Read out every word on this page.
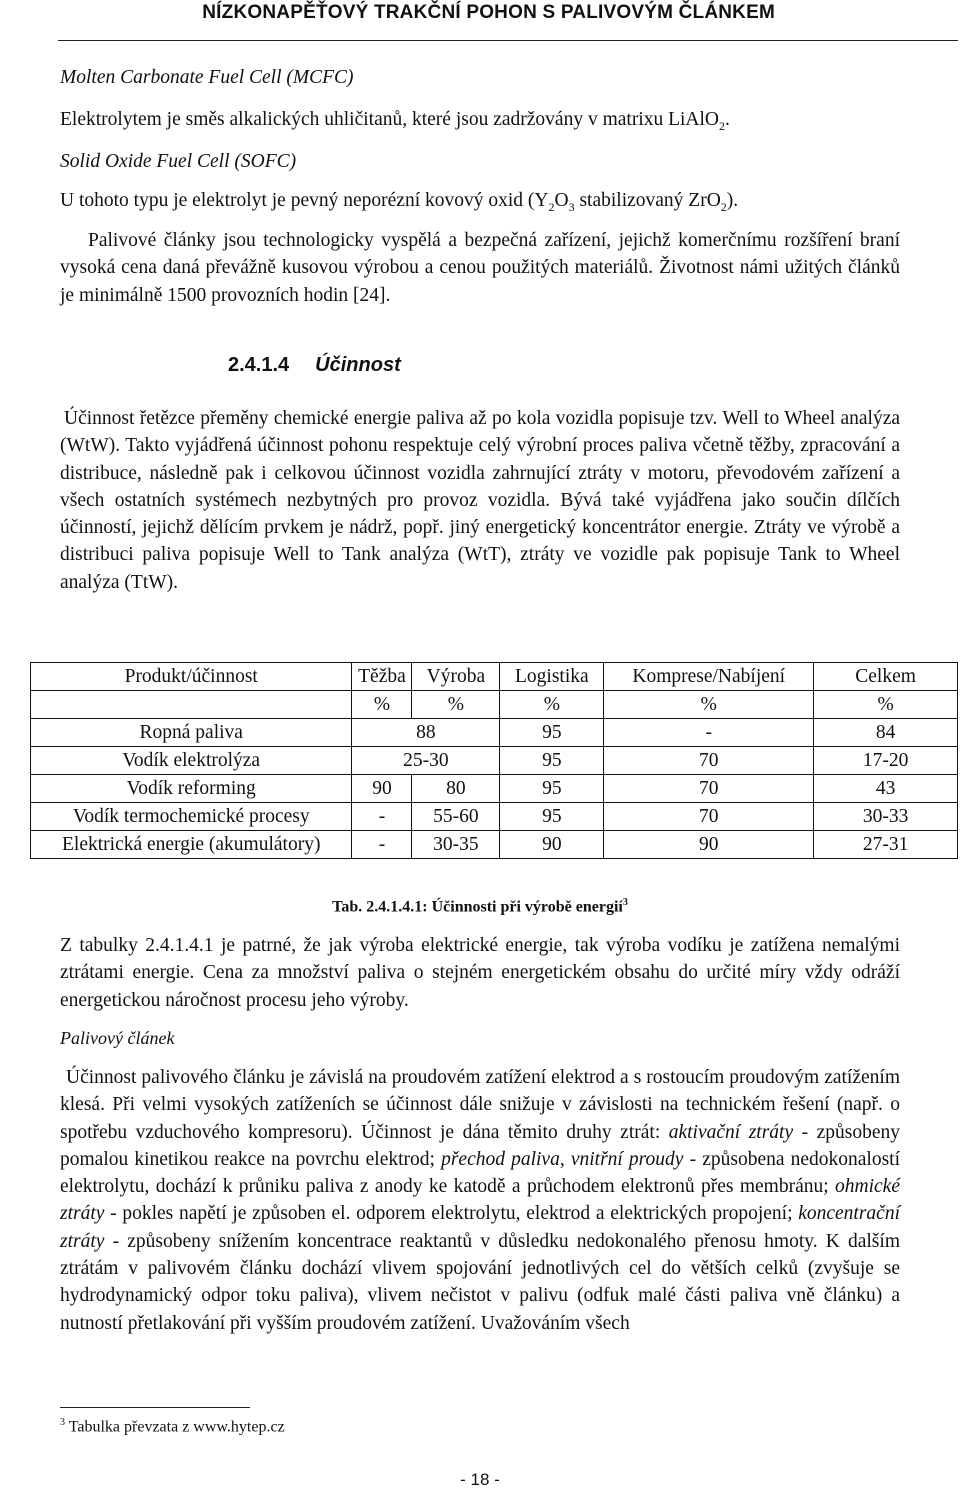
NÍZKONAPĚŤOVÝ TRAKČNÍ POHON S PALIVOVÝM ČLÁNKEM
Molten Carbonate Fuel Cell (MCFC)
Elektrolytem je směs alkalických uhličitanů, které jsou zadržovány v matrixu LiAlO$_2$.
Solid Oxide Fuel Cell (SOFC)
U tohoto typu je elektrolyt je pevný neporézní kovový oxid ($Y_2O_3$ stabilizovaný ZrO$_2$).
Palivové články jsou technologicky vyspělá a bezpečná zařízení, jejichž komerčnímu rozšíření braní vysoká cena daná převážně kusovou výrobou a cenou použitých materiálů. Životnost námi užitých článků je minimálně 1500 provozních hodin [24].
2.4.1.4 Účinnost
Účinnost řetězce přeměny chemické energie paliva až po kola vozidla popisuje tzv. Well to Wheel analýza (WtW). Takto vyjádřená účinnost pohonu respektuje celý výrobní proces paliva včetně těžby, zpracování a distribuce, následně pak i celkovou účinnost vozidla zahrnující ztráty v motoru, převodovém zařízení a všech ostatních systémech nezbytných pro provoz vozidla. Bývá také vyjádřena jako součin dílčích účinností, jejichž dělícím prvkem je nádrž, popř. jiný energetický koncentrátor energie. Ztráty ve výrobě a distribuci paliva popisuje Well to Tank analýza (WtT), ztráty ve vozidle pak popisuje Tank to Wheel analýza (TtW).
Produkt/účinnost	Těžba	Výroba	Logistika	Komprese/Nabíjení	Celkem
	%	%	%	%	%
Ropná paliva	88		95	-	84
Vodík elektrolýza	25-30		95	70	17-20
Vodík reforming	90	80	95	70	43
Vodík termochemické procesy	-	55-60	95	70	30-33
Elektrická energie (akumulátory)	-	30-35	90	90	27-31
Tab. 2.4.1.4.1: Účinnosti při výrobě energií$^3$
Z tabulky 2.4.1.4.1 je patrné, že jak výroba elektrické energie, tak výroba vodíku je zatížena nemalými ztrátami energie. Cena za množství paliva o stejném energetickém obsahu do určité míry vždy odráží energetickou náročnost procesu jeho výroby.
Palivový článek
Účinnost palivového článku je závislá na proudovém zatížení elektrod a s rostoucím proudovým zatížením klesá. Při velmi vysokých zatíženích se účinnost dále snižuje v závislosti na technickém řešení (např. o spotřebu vzduchového kompresoru). Účinnost je dána těmito druhy ztrát: aktivační ztráty - způsobeny pomalou kinetikou reakce na povrchu elektrod; přechod paliva, vnitřní proudy - způsobena nedokonalostí elektrolytu, dochází k průniku paliva z anody ke katodě a průchodem elektronů přes membránu; ohmické ztráty - pokles napětí je způsoben el. odporem elektrolytu, elektrod a elektrických propojení; koncentrační ztráty - způsobeny snížením koncentrace reaktantů v důsledku nedokonalého přenosu hmoty. K dalším ztrátám v palivovém článku dochází vlivem spojování jednotlivých cel do větších celků (zvyšuje se hydrodynamický odpor toku paliva), vlivem nečistot v palivu (odfuk malé části paliva vně článku) a nutností přetlakování při vyšším proudovém zatížení. Uvažováním všech
$^3$ Tabulka převzata z www.hytep.cz
- 18 -
